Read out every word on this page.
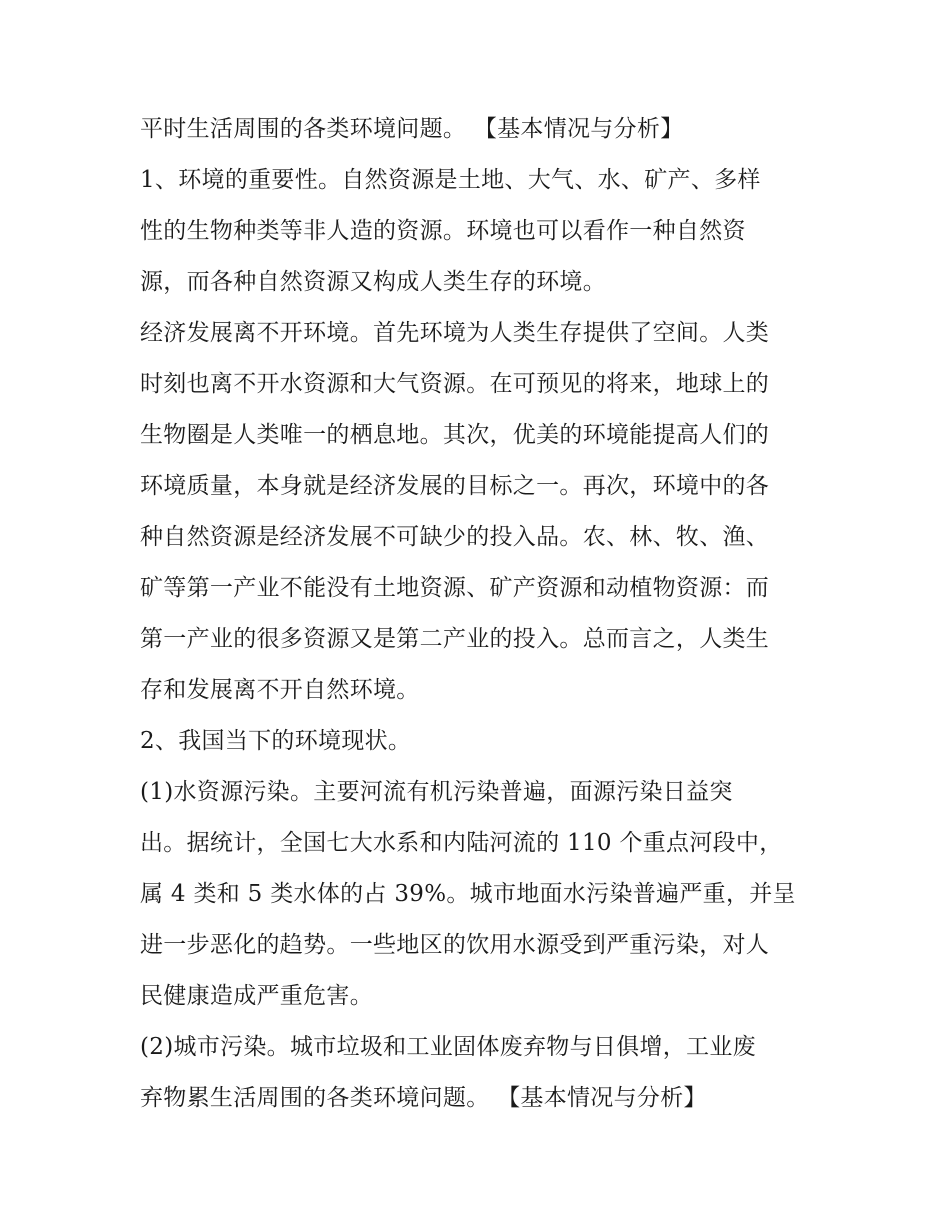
平时生活周围的各类环境问题。 【基本情况与分析】
1、环境的重要性。自然资源是土地、大气、水、矿产、多样
性的生物种类等非人造的资源。环境也可以看作一种自然资
源，而各种自然资源又构成人类生存的环境。
经济发展离不开环境。首先环境为人类生存提供了空间。人类
时刻也离不开水资源和大气资源。在可预见的将来，地球上的
生物圈是人类唯一的栖息地。其次，优美的环境能提高人们的
环境质量，本身就是经济发展的目标之一。再次，环境中的各
种自然资源是经济发展不可缺少的投入品。农、林、牧、渔、
矿等第一产业不能没有土地资源、矿产资源和动植物资源：而
第一产业的很多资源又是第二产业的投入。总而言之，人类生
存和发展离不开自然环境。
2、我国当下的环境现状。
(1)水资源污染。主要河流有机污染普遍，面源污染日益突
出。据统计，全国七大水系和内陆河流的 110 个重点河段中，
属 4 类和 5 类水体的占 39%。城市地面水污染普遍严重，并呈
进一步恶化的趋势。一些地区的饮用水源受到严重污染，对人
民健康造成严重危害。
(2)城市污染。城市垃圾和工业固体废弃物与日俱增，工业废
弃物累生活周围的各类环境问题。 【基本情况与分析】
